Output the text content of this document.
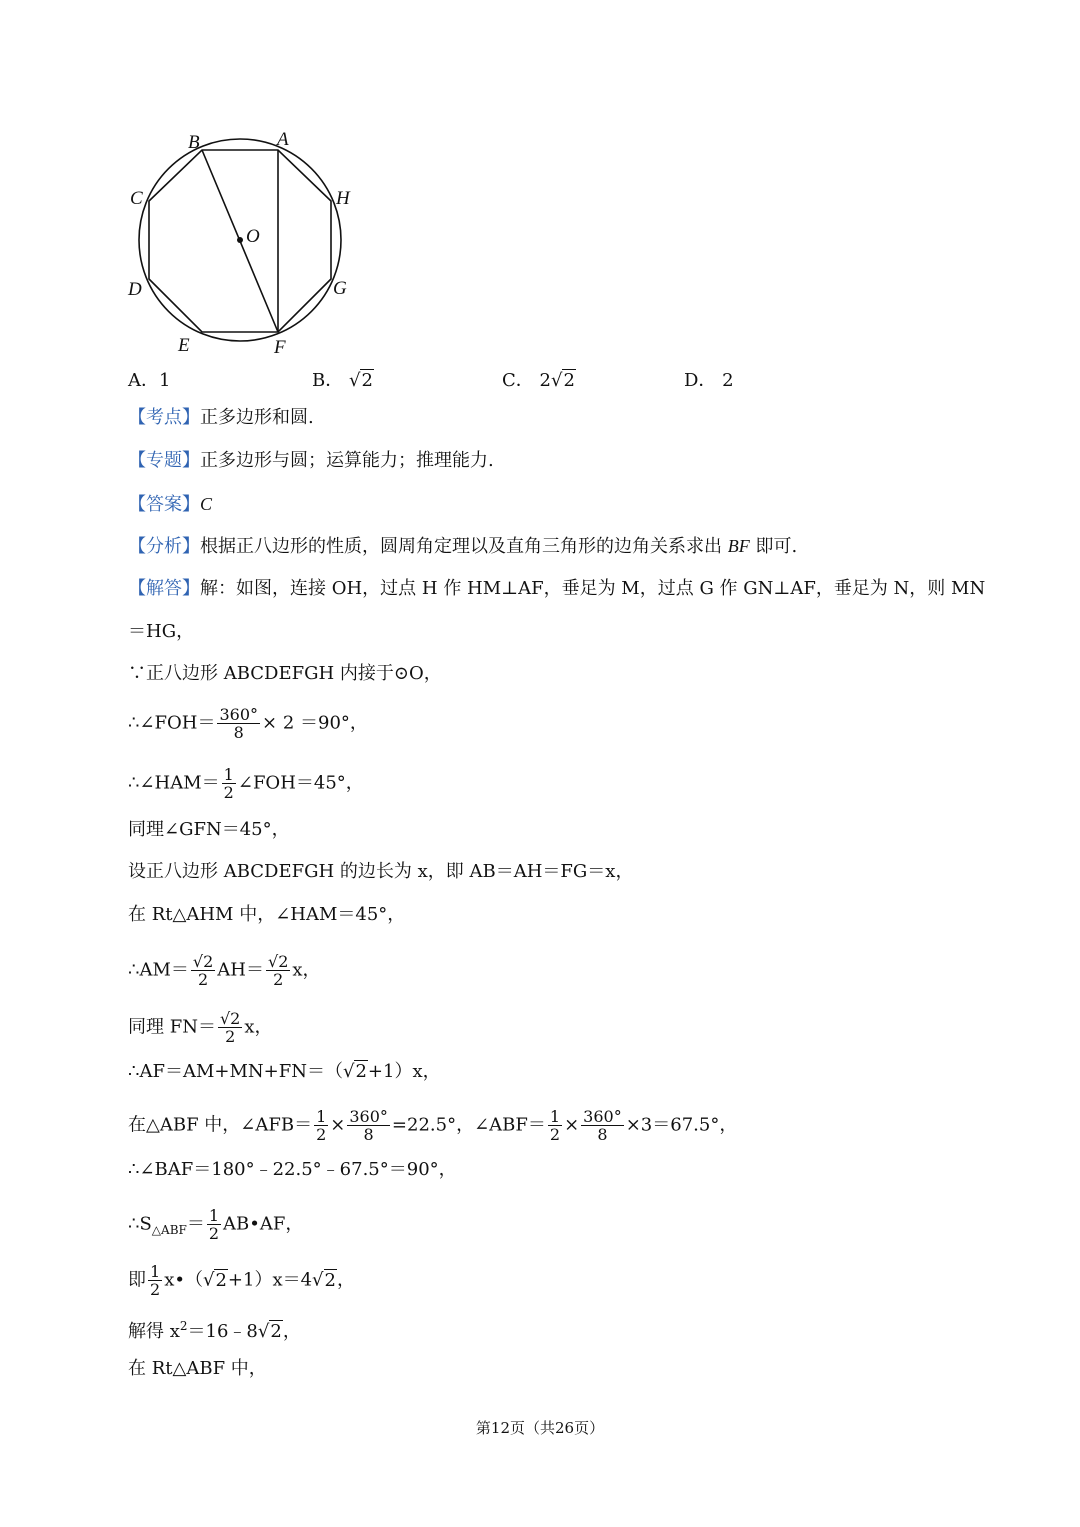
B	A
C	H
O
D	G
E	F
A．1	B． √2	C． 2√2	D． 2
【考点】正多边形和圆.
【专题】正多边形与圆；运算能力；推理能力.
【答案】C
【分析】根据正八边形的性质，圆周角定理以及直角三角形的边角关系求出 BF 即可.
【解答】解：如图，连接 OH，过点 H 作 HM⊥AF，垂足为 M，过点 G 作 GN⊥AF，垂足为 N，则 MN
＝HG，
∵正八边形 ABCDEFGH 内接于⊙O，
∴∠FOH＝ $\frac{360^\circ}{8} \times 2 =90^\circ$，
∴∠HAM＝ $\frac{1}{2}$ ∠FOH＝45°，
同理∠GFN＝45°，
设正八边形 ABCDEFGH 的边长为 x，即 AB＝AH＝FG＝x，
在 Rt△AHM 中，∠HAM＝45°，
∴AM＝ $\frac{√2}{2} AH= \frac{√2}{2}$ x，
同理 $FN= \frac{√2}{2}$ x，
∴AF＝AM+MN+FN＝（√2+1）x，
在△ABF 中，∠AFB＝ $\frac{1}{2} \times \frac{360^\circ}{8} =22.5^\circ$，∠ABF＝ $\frac{1}{2} \times \frac{360^\circ}{8} \times 3=67.5^\circ$，
∴∠BAF＝180°﹣22.5°﹣67.5°＝90°，
$\therefore S_{\triangle ABF}= \frac{1}{2}$ AB•AF，
即 $\frac{1}{2}$ x•（√2+1）x＝4√2，
解得 $x^2=16﹣8√2$，
在 Rt△ABF 中，
第12页（共26页）
